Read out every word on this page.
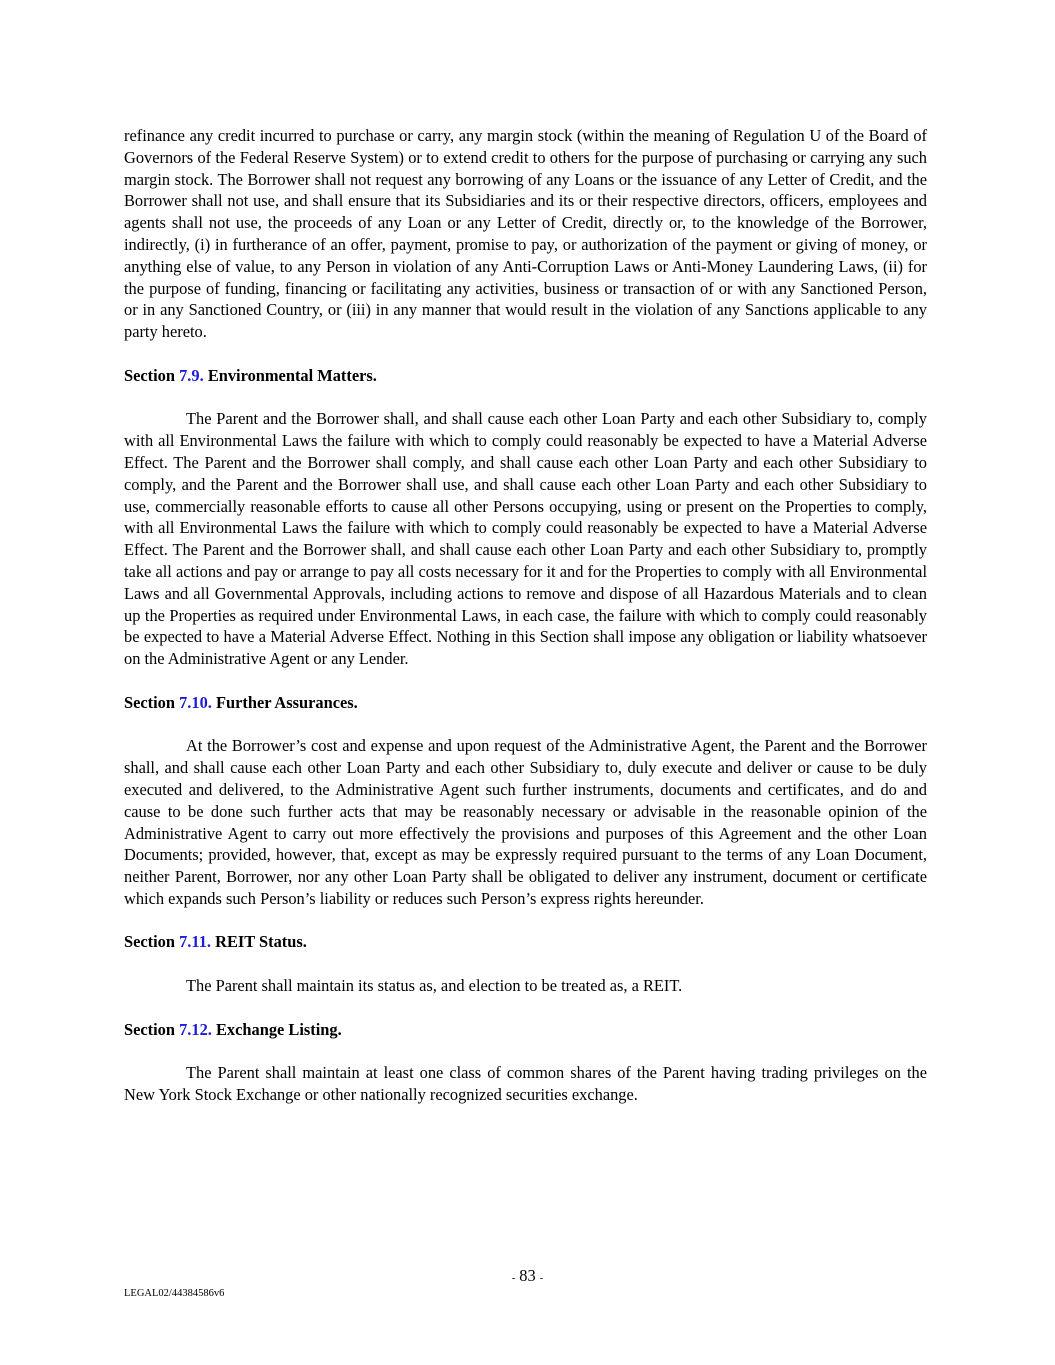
refinance any credit incurred to purchase or carry, any margin stock (within the meaning of Regulation U of the Board of Governors of the Federal Reserve System) or to extend credit to others for the purpose of purchasing or carrying any such margin stock. The Borrower shall not request any borrowing of any Loans or the issuance of any Letter of Credit, and the Borrower shall not use, and shall ensure that its Subsidiaries and its or their respective directors, officers, employees and agents shall not use, the proceeds of any Loan or any Letter of Credit, directly or, to the knowledge of the Borrower, indirectly, (i) in furtherance of an offer, payment, promise to pay, or authorization of the payment or giving of money, or anything else of value, to any Person in violation of any Anti-Corruption Laws or Anti-Money Laundering Laws, (ii) for the purpose of funding, financing or facilitating any activities, business or transaction of or with any Sanctioned Person, or in any Sanctioned Country, or (iii) in any manner that would result in the violation of any Sanctions applicable to any party hereto.

Section 7.9. Environmental Matters.

The Parent and the Borrower shall, and shall cause each other Loan Party and each other Subsidiary to, comply with all Environmental Laws the failure with which to comply could reasonably be expected to have a Material Adverse Effect. The Parent and the Borrower shall comply, and shall cause each other Loan Party and each other Subsidiary to comply, and the Parent and the Borrower shall use, and shall cause each other Loan Party and each other Subsidiary to use, commercially reasonable efforts to cause all other Persons occupying, using or present on the Properties to comply, with all Environmental Laws the failure with which to comply could reasonably be expected to have a Material Adverse Effect. The Parent and the Borrower shall, and shall cause each other Loan Party and each other Subsidiary to, promptly take all actions and pay or arrange to pay all costs necessary for it and for the Properties to comply with all Environmental Laws and all Governmental Approvals, including actions to remove and dispose of all Hazardous Materials and to clean up the Properties as required under Environmental Laws, in each case, the failure with which to comply could reasonably be expected to have a Material Adverse Effect. Nothing in this Section shall impose any obligation or liability whatsoever on the Administrative Agent or any Lender.

Section 7.10. Further Assurances.

At the Borrower’s cost and expense and upon request of the Administrative Agent, the Parent and the Borrower shall, and shall cause each other Loan Party and each other Subsidiary to, duly execute and deliver or cause to be duly executed and delivered, to the Administrative Agent such further instruments, documents and certificates, and do and cause to be done such further acts that may be reasonably necessary or advisable in the reasonable opinion of the Administrative Agent to carry out more effectively the provisions and purposes of this Agreement and the other Loan Documents; provided, however, that, except as may be expressly required pursuant to the terms of any Loan Document, neither Parent, Borrower, nor any other Loan Party shall be obligated to deliver any instrument, document or certificate which expands such Person’s liability or reduces such Person’s express rights hereunder.

Section 7.11. REIT Status.

The Parent shall maintain its status as, and election to be treated as, a REIT.

Section 7.12. Exchange Listing.

The Parent shall maintain at least one class of common shares of the Parent having trading privileges on the New York Stock Exchange or other nationally recognized securities exchange.

- 83 -
LEGAL02/44384586v6
